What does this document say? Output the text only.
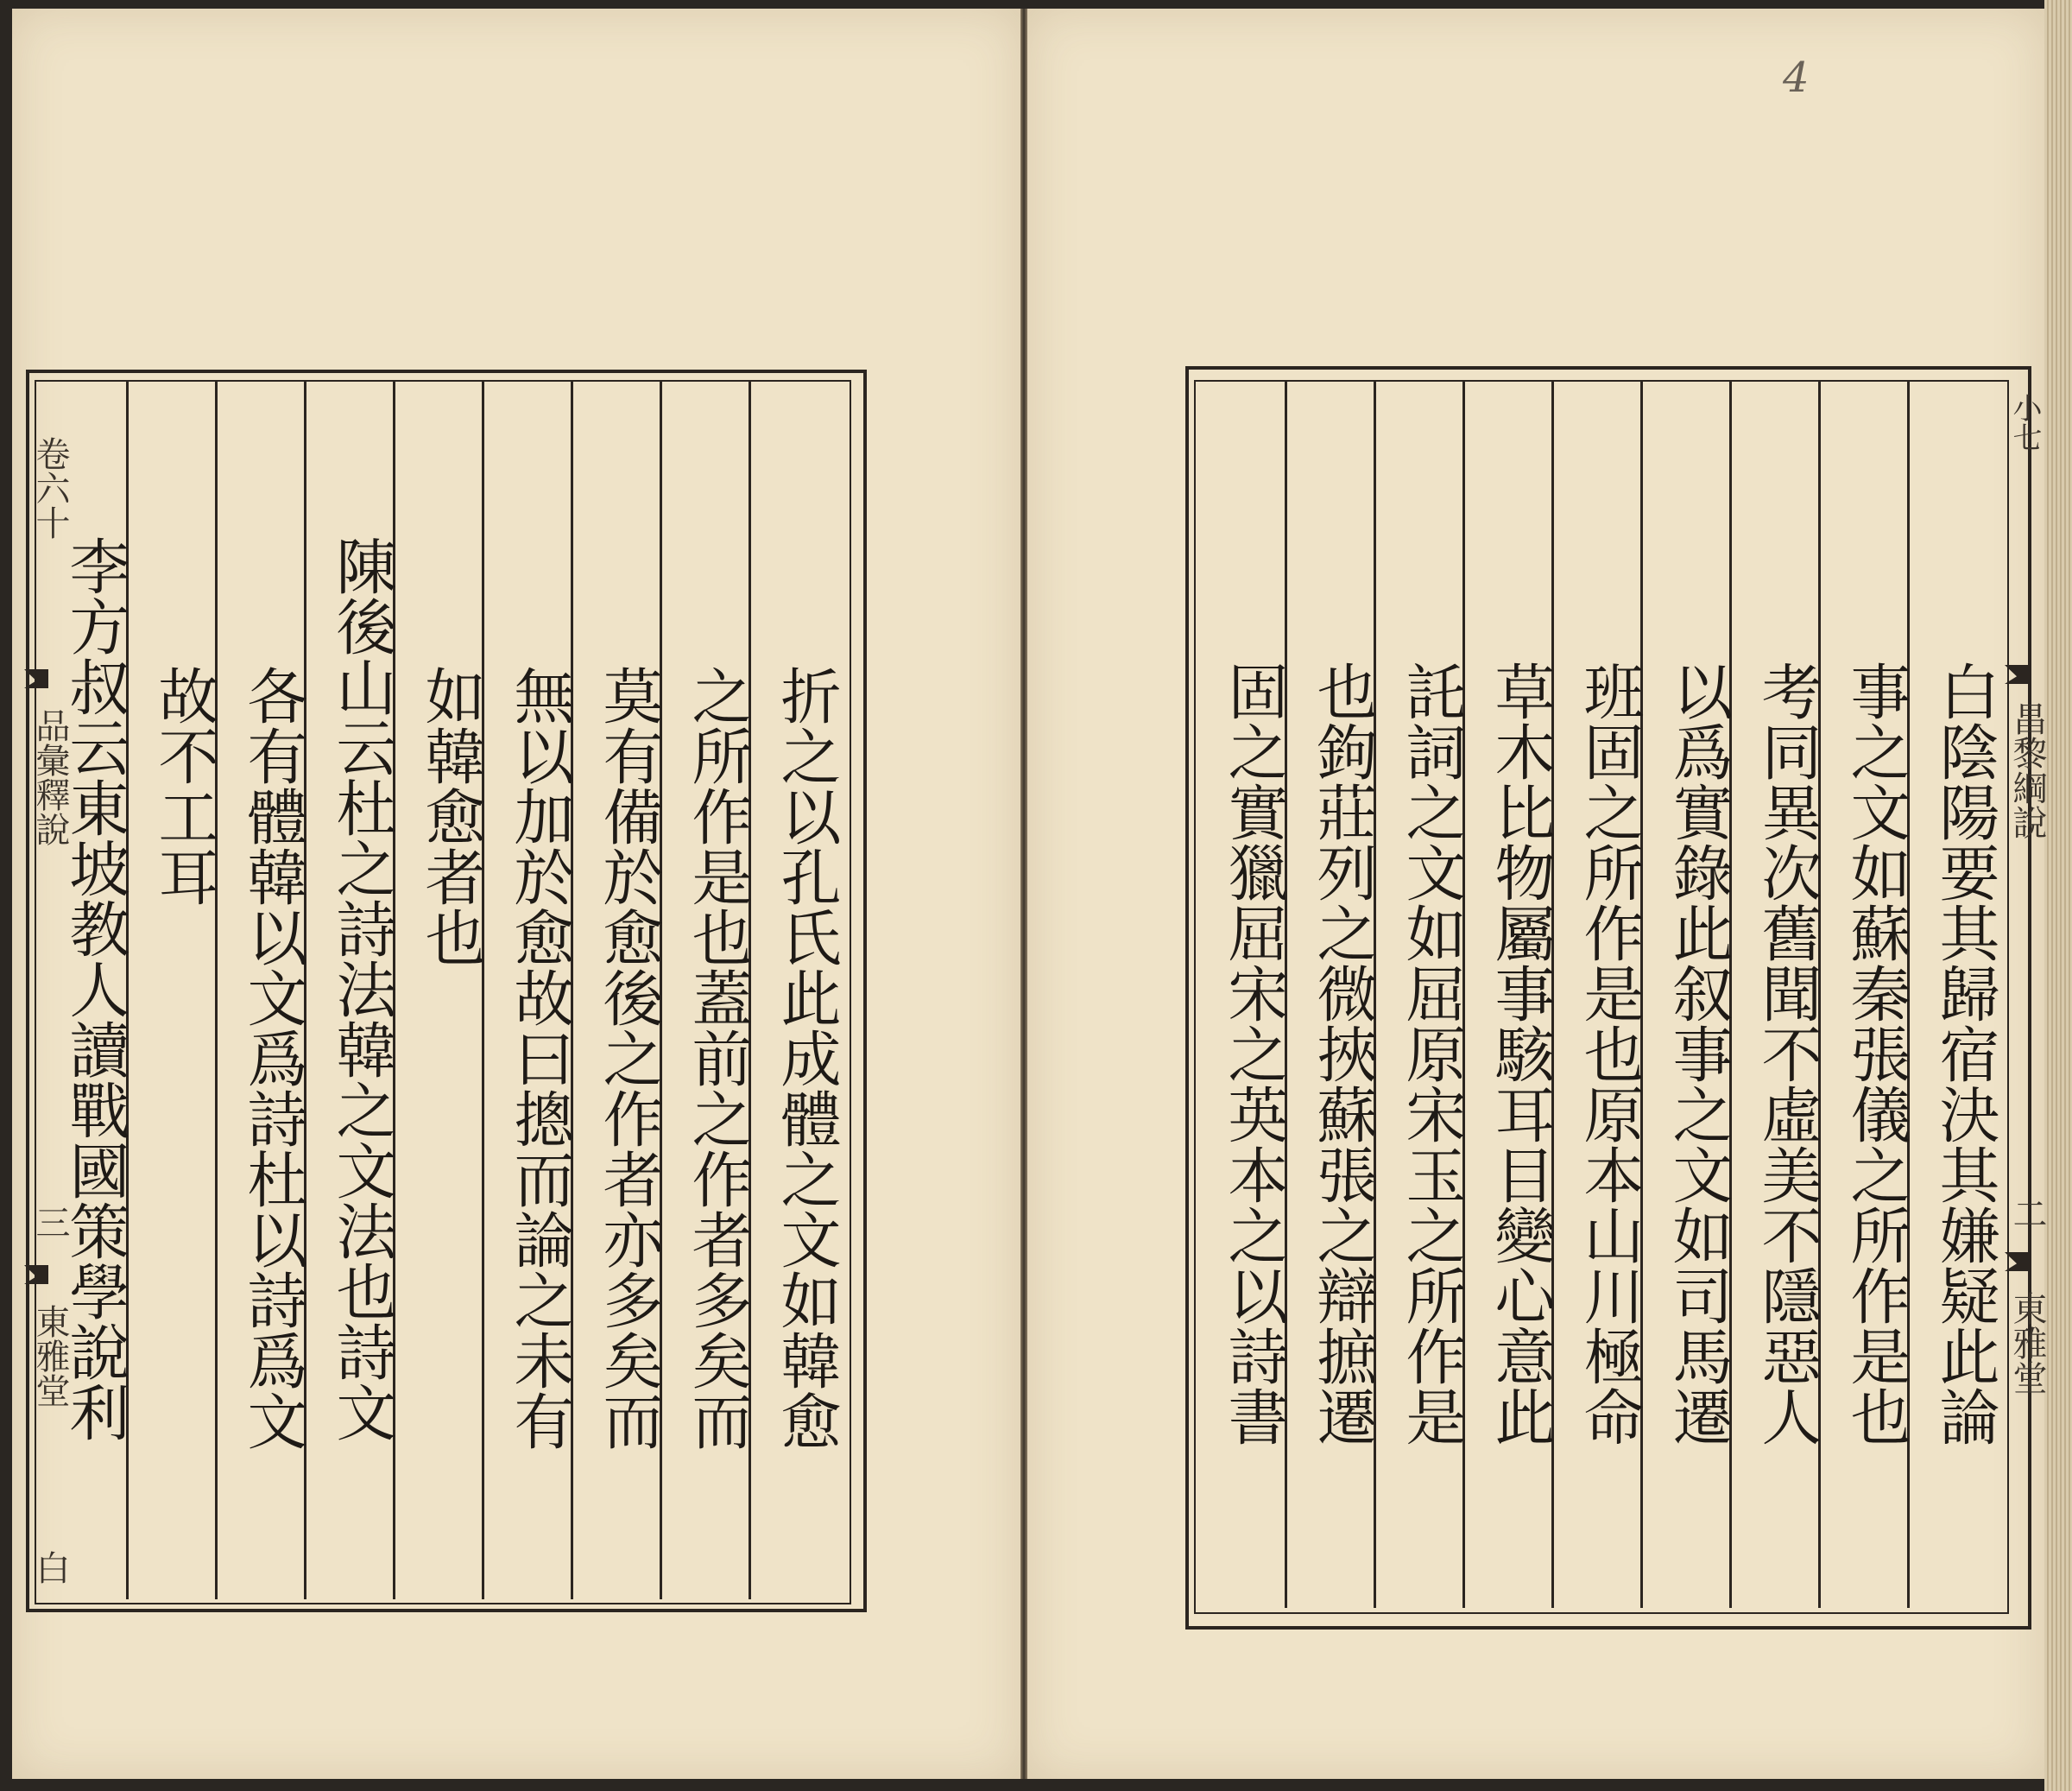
折之以孔氏此成體之文如韓愈
之所作是也蓋前之作者多矣而
莫有備於愈後之作者亦多矣而
無以加於愈故曰摠而論之未有
如韓愈者也
陳後山云杜之詩法韓之文法也詩文
各有體韓以文爲詩杜以詩爲文
故不工耳
李方叔云東坡教人讀戰國策學說利
卷六十
品彙釋說
三
東雅堂
白
白陰陽要其歸宿決其嫌疑此論
事之文如蘇秦張儀之所作是也
考同異次舊聞不虛美不隱惡人
以爲實錄此叙事之文如司馬遷
班固之所作是也原本山川極命
草木比物屬事駭耳目變心意此
託詞之文如屈原宋玉之所作是
也鉤莊列之微挾蘇張之辯摭遷
固之實獵屈宋之英本之以詩書
小七
昌黎綱說
二
東雅堂
4
